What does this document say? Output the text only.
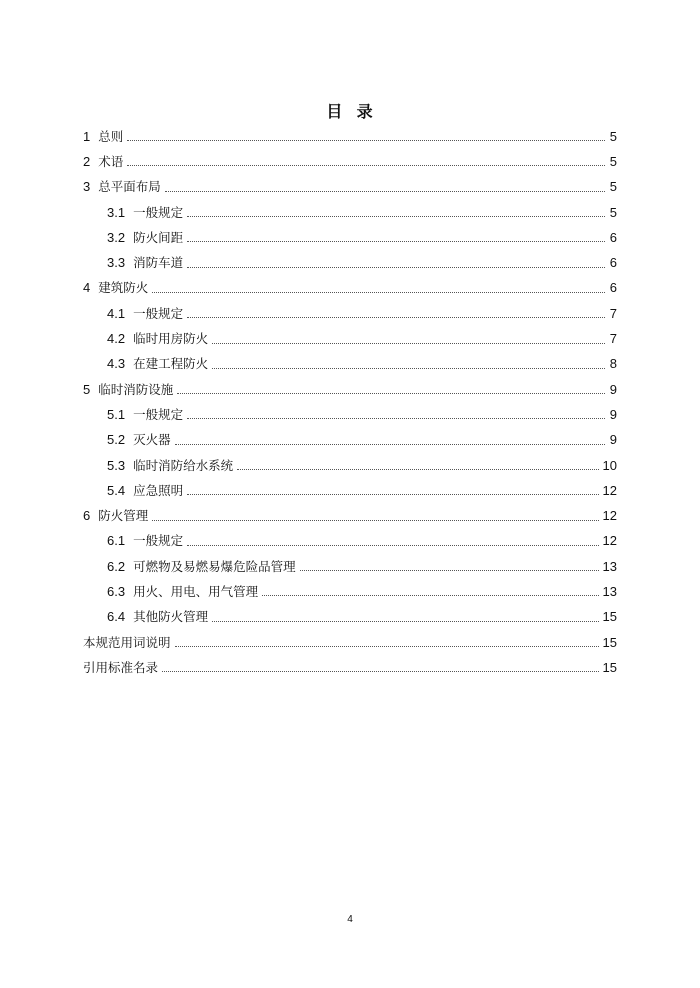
目  录
1 总则	5
2 术语	5
3 总平面布局	5
3.1 一般规定	5
3.2 防火间距	6
3.3 消防车道	6
4 建筑防火	6
4.1 一般规定	7
4.2 临时用房防火	7
4.3 在建工程防火	8
5 临时消防设施	9
5.1 一般规定	9
5.2 灭火器	9
5.3 临时消防给水系统	10
5.4 应急照明	12
6 防火管理	12
6.1 一般规定	12
6.2 可燃物及易燃易爆危险品管理	13
6.3 用火、用电、用气管理	13
6.4 其他防火管理	15
本规范用词说明	15
引用标准名录	15
4
